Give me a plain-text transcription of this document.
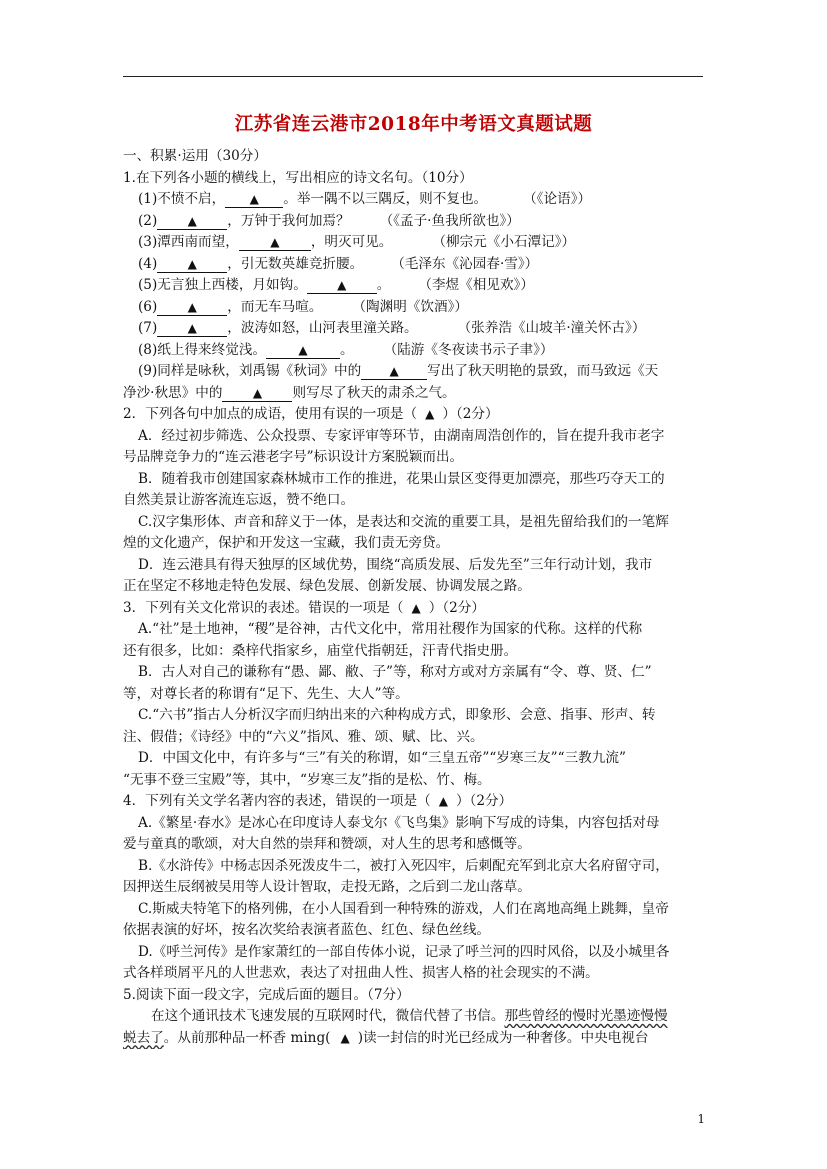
江苏省连云港市2018年中考语文真题试题
一、积累·运用（30分）
1.在下列各小题的横线上，写出相应的诗文名句。（10分）
(1)不愤不启， ▲ 。举一隅不以三隅反，则不复也。	（《论语》）
(2)	▲ ，万钟于我何加焉？ （《孟子·鱼我所欲也》）
(3)潭西南而望，	▲ ，明灭可见。	（柳宗元《小石潭记》）
(4)	▲ ，引无数英雄竞折腰。 （毛泽东《沁园春·雪》）
(5)无言独上西楼，月如钩。	▲ 。 （李煜《相见欢》）
(6)	▲ ，而无车马喧。 （陶渊明《饮酒》）
(7)	▲ ，波涛如怒，山河表里潼关路。	（张养浩《山坡羊·潼关怀古》）
(8)纸上得来终觉浅。	▲ 。 （陆游《冬夜读书示子聿》）
(9)同样是咏秋，刘禹锡《秋词》中的 ▲ 写出了秋天明艳的景致，而马致远《天
净沙·秋思》中的	▲ 则写尽了秋天的肃杀之气。
2．下列各句中加点的成语，使用有误的一项是（ ▲ ）（2分）
A．经过初步筛选、公众投票、专家评审等环节，由湖南周浩创作的，旨在提升我市老字
号品牌竞争力的“连云港老字号”标识设计方案脱颖而出。
B．随着我市创建国家森林城市工作的推进，花果山景区变得更加漂亮，那些巧夺天工的
自然美景让游客流连忘返，赞不绝口。
C.汉字集形体、声音和辞义于一体，是表达和交流的重要工具，是祖先留给我们的一笔辉
煌的文化遗产，保护和开发这一宝藏，我们责无旁贷。
D．连云港具有得天独厚的区域优势，围绕“高质发展、后发先至”三年行动计划，我市
正在坚定不移地走特色发展、绿色发展、创新发展、协调发展之路。
3．下列有关文化常识的表述。错误的一项是（ ▲ ）（2分）
A.“社”是土地神，“稷”是谷神，古代文化中，常用社稷作为国家的代称。这样的代称
还有很多，比如：桑梓代指家乡，庙堂代指朝廷，汗青代指史册。
B．古人对自己的谦称有“愚、鄙、敝、子”等，称对方或对方亲属有“令、尊、贤、仁”
等，对尊长者的称谓有“足下、先生、大人”等。
C.“六书”指古人分析汉字而归纳出来的六种构成方式，即象形、会意、指事、形声、转
注、假借；《诗经》中的“六义”指风、雅、颂、赋、比、兴。
D．中国文化中，有许多与“三”有关的称谓，如“三皇五帝”“岁寒三友”“三教九流”
“无事不登三宝殿”等，其中，“岁寒三友”指的是松、竹、梅。
4．下列有关文学名著内容的表述，错误的一项是（ ▲ ）（2分）
A.《繁星·春水》是冰心在印度诗人泰戈尔《飞鸟集》影响下写成的诗集，内容包括对母
爱与童真的歌颂，对大自然的崇拜和赞颂，对人生的思考和感慨等。
B.《水浒传》中杨志因杀死泼皮牛二，被打入死囚牢，后刺配充军到北京大名府留守司，
因押送生辰纲被吴用等人设计智取，走投无路，之后到二龙山落草。
C.斯威夫特笔下的格列佛，在小人国看到一种特殊的游戏，人们在离地高绳上跳舞，皇帝
依据表演的好坏，按名次奖给表演者蓝色、红色、绿色丝线。
D.《呼兰河传》是作家萧红的一部自传体小说，记录了呼兰河的四时风俗，以及小城里各
式各样琐屑平凡的人世悲欢，表达了对扭曲人性、损害人格的社会现实的不满。
5.阅读下面一段文字，完成后面的题目。（7分）
在这个通讯技术飞速发展的互联网时代，微信代替了书信。那些曾经的慢时光墨迹慢慢
蜕去了。从前那种品一杯香 ming( ▲ )读一封信的时光已经成为一种奢侈。中央电视台
1
